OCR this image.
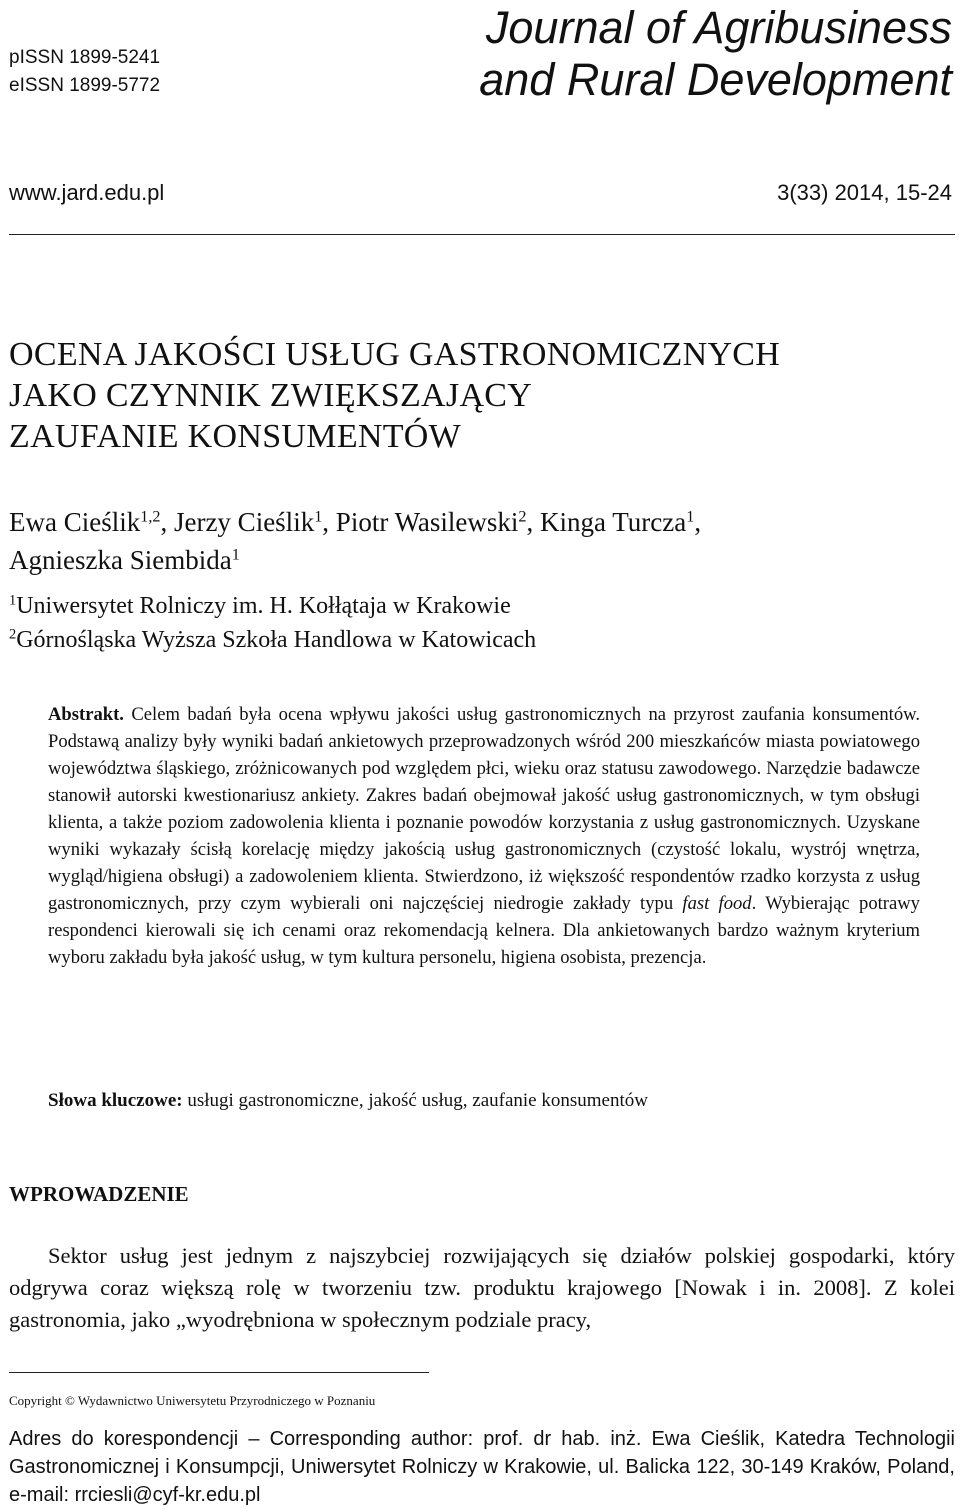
pISSN 1899-5241
eISSN 1899-5772
Journal of Agribusiness
and Rural Development
www.jard.edu.pl	3(33) 2014, 15-24
OCENA JAKOŚCI USŁUG GASTRONOMICZNYCH
JAKO CZYNNIK ZWIĘKSZAJĄCY
ZAUFANIE KONSUMENTÓW
Ewa Cieślik$^{1,2}$, Jerzy Cieślik$^1$, Piotr Wasilewski$^2$, Kinga Turcza$^1$,
Agnieszka Siembida$^1$
$^1$Uniwersytet Rolniczy im. H. Kołłątaja w Krakowie
$^2$Górnośląska Wyższa Szkoła Handlowa w Katowicach
Abstrakt. Celem badań była ocena wpływu jakości usług gastronomicznych na przyrost zaufania konsumentów. Podstawą analizy były wyniki badań ankietowych przeprowadzonych wśród 200 mieszkańców miasta powiatowego województwa śląskiego, zróżnicowanych pod względem płci, wieku oraz statusu zawodowego. Narzędzie badawcze stanowił autorski kwestionariusz ankiety. Zakres badań obejmował jakość usług gastronomicznych, w tym obsługi klienta, a także poziom zadowolenia klienta i poznanie powodów korzystania z usług gastronomicznych. Uzyskane wyniki wykazały ścisłą korelację między jakością usług gastronomicznych (czystość lokalu, wystrój wnętrza, wygląd/higiena obsługi) a zadowoleniem klienta. Stwierdzono, iż większość respondentów rzadko korzysta z usług gastronomicznych, przy czym wybierali oni najczęściej niedrogie zakłady typu fast food. Wybierając potrawy respondenci kierowali się ich cenami oraz rekomendacją kelnera. Dla ankietowanych bardzo ważnym kryterium wyboru zakładu była jakość usług, w tym kultura personelu, higiena osobista, prezencja.
Słowa kluczowe: usługi gastronomiczne, jakość usług, zaufanie konsumentów
WPROWADZENIE
Sektor usług jest jednym z najszybciej rozwijających się działów polskiej gospodarki, który odgrywa coraz większą rolę w tworzeniu tzw. produktu krajowego [Nowak i in. 2008]. Z kolei gastronomia, jako „wyodrębniona w społecznym podziale pracy,
Copyright © Wydawnictwo Uniwersytetu Przyrodniczego w Poznaniu
Adres do korespondencji – Corresponding author: prof. dr hab. inż. Ewa Cieślik, Katedra Technologii Gastronomicznej i Konsumpcji, Uniwersytet Rolniczy w Krakowie, ul. Balicka 122, 30-149 Kraków, Poland, e-mail: rrciesli@cyf-kr.edu.pl
